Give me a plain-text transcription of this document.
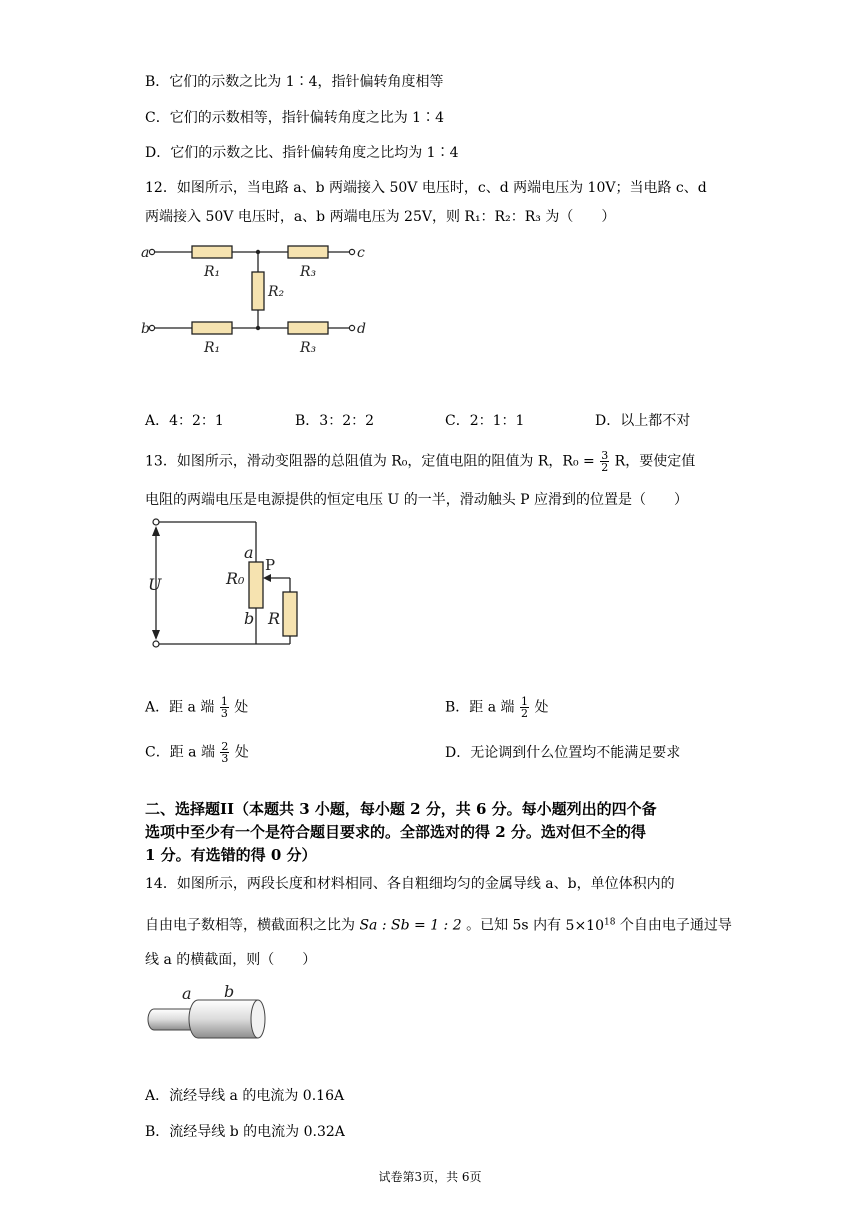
B．它们的示数之比为 1∶4，指针偏转角度相等
C．它们的示数相等，指针偏转角度之比为 1∶4
D．它们的示数之比、指针偏转角度之比均为 1∶4
12．如图所示，当电路 a、b 两端接入 50V 电压时，c、d 两端电压为 10V；当电路 c、d
两端接入 50V 电压时，a、b 两端电压为 25V，则 R₁：R₂：R₃ 为（　　）
a	c
b	d
R₁	R₃
R₂
R₁	R₃
A．4：2：1	B．3：2：2	C．2：1：1	D．以上都不对
13．如图所示，滑动变阻器的总阻值为 R₀，定值电阻的阻值为 R，$R_0 = \frac{3}{2}$ R，要使定值
电阻的两端电压是电源提供的恒定电压 U 的一半，滑动触头 P 应滑到的位置是（　　）
U
a
R₀
b R
P
A．距 a 端 $\frac{1}{3}$ 处	B．距 a 端 $\frac{1}{2}$ 处
C．距 a 端 $\frac{2}{3}$ 处	D．无论调到什么位置均不能满足要求
二、选择题II（本题共 3 小题，每小题 2 分，共 6 分。每小题列出的四个备
选项中至少有一个是符合题目要求的。全部选对的得 2 分。选对但不全的得
1 分。有选错的得 0 分）
14．如图所示，两段长度和材料相同、各自粗细均匀的金属导线 a、b，单位体积内的
自由电子数相等，横截面积之比为 Sa : Sb = 1 : 2 。已知 5s 内有 $5\times 10^{18}$ 个自由电子通过导
线 a 的横截面，则（　　）
a b
A．流经导线 a 的电流为 0.16A
B．流经导线 b 的电流为 0.32A
试卷第3页，共 6页
